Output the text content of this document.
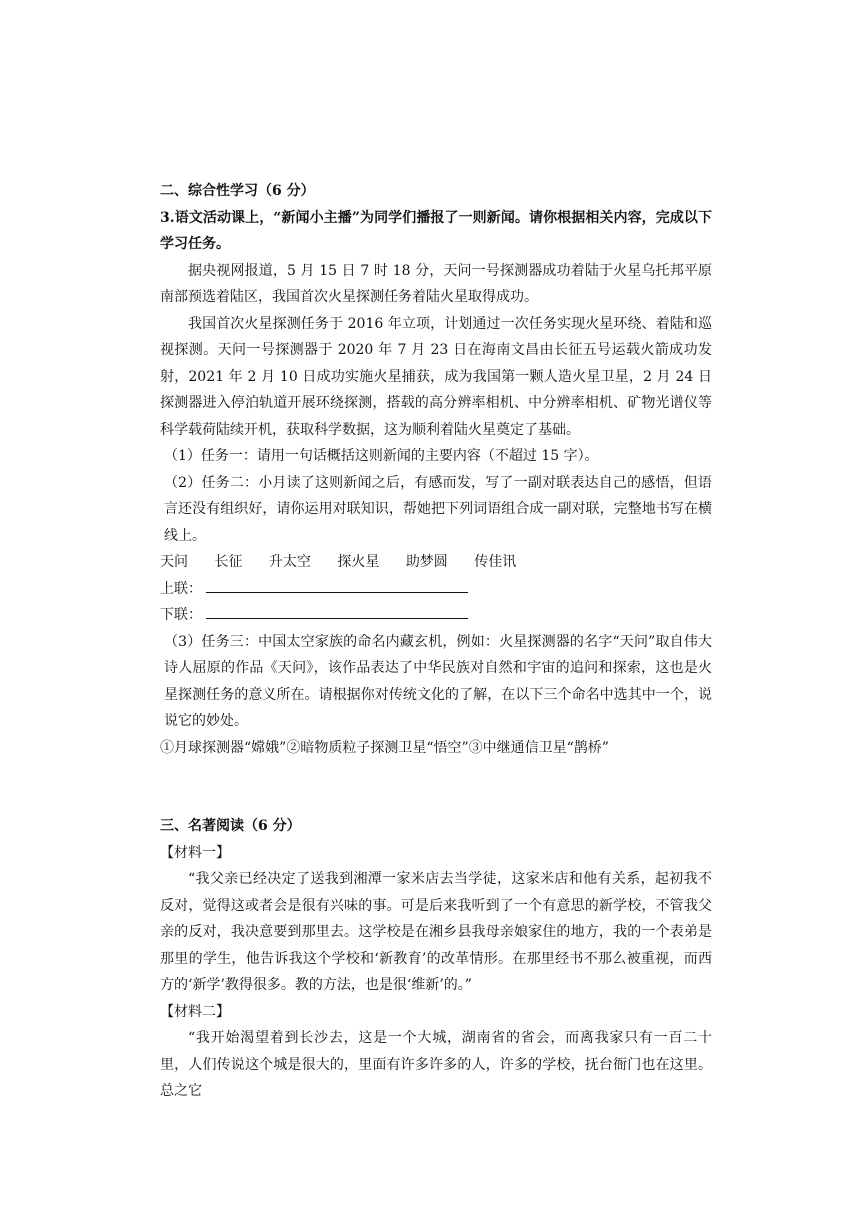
二、综合性学习（6 分）
3.语文活动课上，“新闻小主播”为同学们播报了一则新闻。请你根据相关内容，完成以下学习任务。
据央视网报道，5 月 15 日 7 时 18 分，天问一号探测器成功着陆于火星乌托邦平原南部预选着陆区，我国首次火星探测任务着陆火星取得成功。
我国首次火星探测任务于 2016 年立项，计划通过一次任务实现火星环绕、着陆和巡视探测。天问一号探测器于 2020 年 7 月 23 日在海南文昌由长征五号运载火箭成功发射，2021 年 2 月 10 日成功实施火星捕获，成为我国第一颗人造火星卫星，2 月 24 日探测器进入停泊轨道开展环绕探测，搭载的高分辨率相机、中分辨率相机、矿物光谱仪等科学载荷陆续开机，获取科学数据，这为顺利着陆火星奠定了基础。
（1）任务一：请用一句话概括这则新闻的主要内容（不超过 15 字）。
（2）任务二：小月读了这则新闻之后，有感而发，写了一副对联表达自己的感悟，但语言还没有组织好，请你运用对联知识，帮她把下列词语组合成一副对联，完整地书写在横线上。
天问 长征 升太空 探火星 助梦圆 传佳讯
上联：
下联：
（3）任务三：中国太空家族的命名内藏玄机，例如：火星探测器的名字“天问”取自伟大诗人屈原的作品《天问》，该作品表达了中华民族对自然和宇宙的追问和探索，这也是火星探测任务的意义所在。请根据你对传统文化的了解，在以下三个命名中选其中一个，说说它的妙处。
①月球探测器“嫦娥”②暗物质粒子探测卫星“悟空”③中继通信卫星“鹊桥”
三、名著阅读（6 分）
【材料一】
“我父亲已经决定了送我到湘潭一家米店去当学徒，这家米店和他有关系，起初我不反对，觉得这或者会是很有兴味的事。可是后来我听到了一个有意思的新学校，不管我父亲的反对，我决意要到那里去。这学校是在湘乡县我母亲娘家住的地方，我的一个表弟是那里的学生，他告诉我这个学校和‘新教育’的改革情形。在那里经书不那么被重视，而西方的‘新学’教得很多。教的方法，也是很‘维新’的。”
【材料二】
“我开始渴望着到长沙去，这是一个大城，湖南省的省会，而离我家只有一百二十里，人们传说这个城是很大的，里面有许多许多的人，许多的学校，抚台衙门也在这里。总之它
